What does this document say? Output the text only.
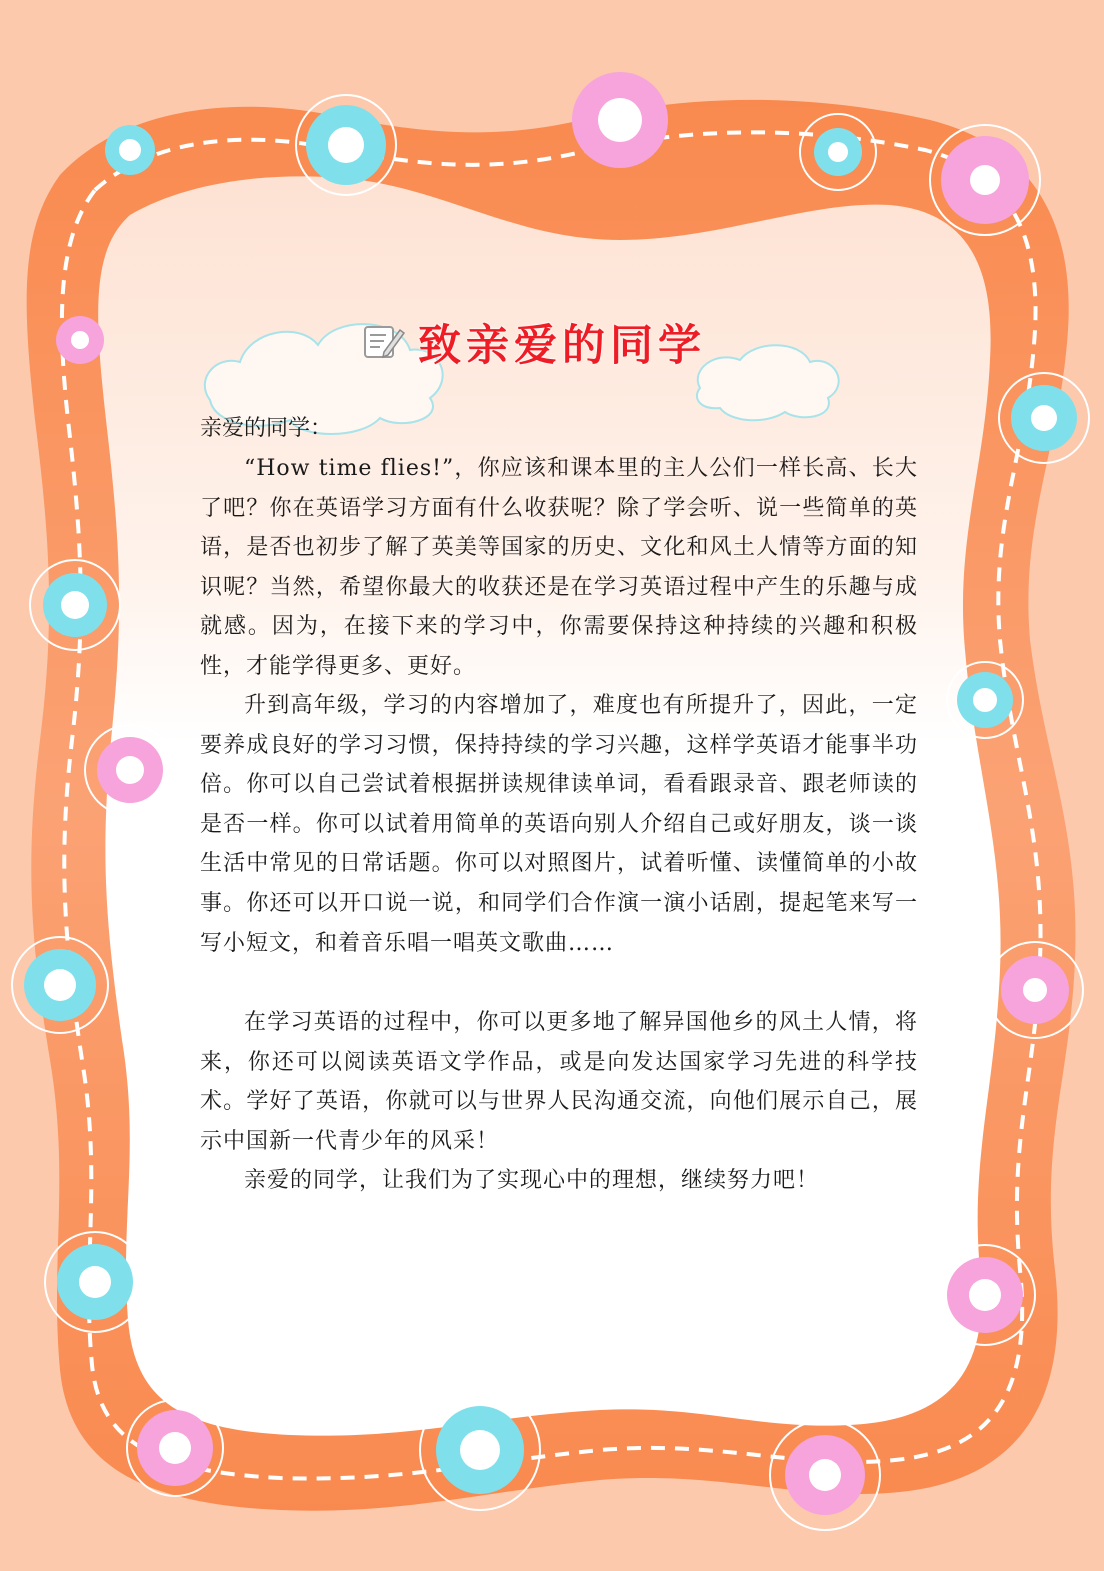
致亲爱的同学
亲爱的同学：

“How time flies!”，你应该和课本里的主人公们一样长高、长大了吧？你在英语学习方面有什么收获呢？除了学会听、说一些简单的英语，是否也初步了解了英美等国家的历史、文化和风土人情等方面的知识呢？当然，希望你最大的收获还是在学习英语过程中产生的乐趣与成就感。因为，在接下来的学习中，你需要保持这种持续的兴趣和积极性，才能学得更多、更好。

升到高年级，学习的内容增加了，难度也有所提升了，因此，一定要养成良好的学习习惯，保持持续的学习兴趣，这样学英语才能事半功倍。你可以自己尝试着根据拼读规律读单词，看看跟录音、跟老师读的是否一样。你可以试着用简单的英语向别人介绍自己或好朋友，谈一谈生活中常见的日常话题。你可以对照图片，试着听懂、读懂简单的小故事。你还可以开口说一说，和同学们合作演一演小话剧，提起笔来写一写小短文，和着音乐唱一唱英文歌曲……

在学习英语的过程中，你可以更多地了解异国他乡的风土人情，将来，你还可以阅读英语文学作品，或是向发达国家学习先进的科学技术。学好了英语，你就可以与世界人民沟通交流，向他们展示自己，展示中国新一代青少年的风采！

亲爱的同学，让我们为了实现心中的理想，继续努力吧！
